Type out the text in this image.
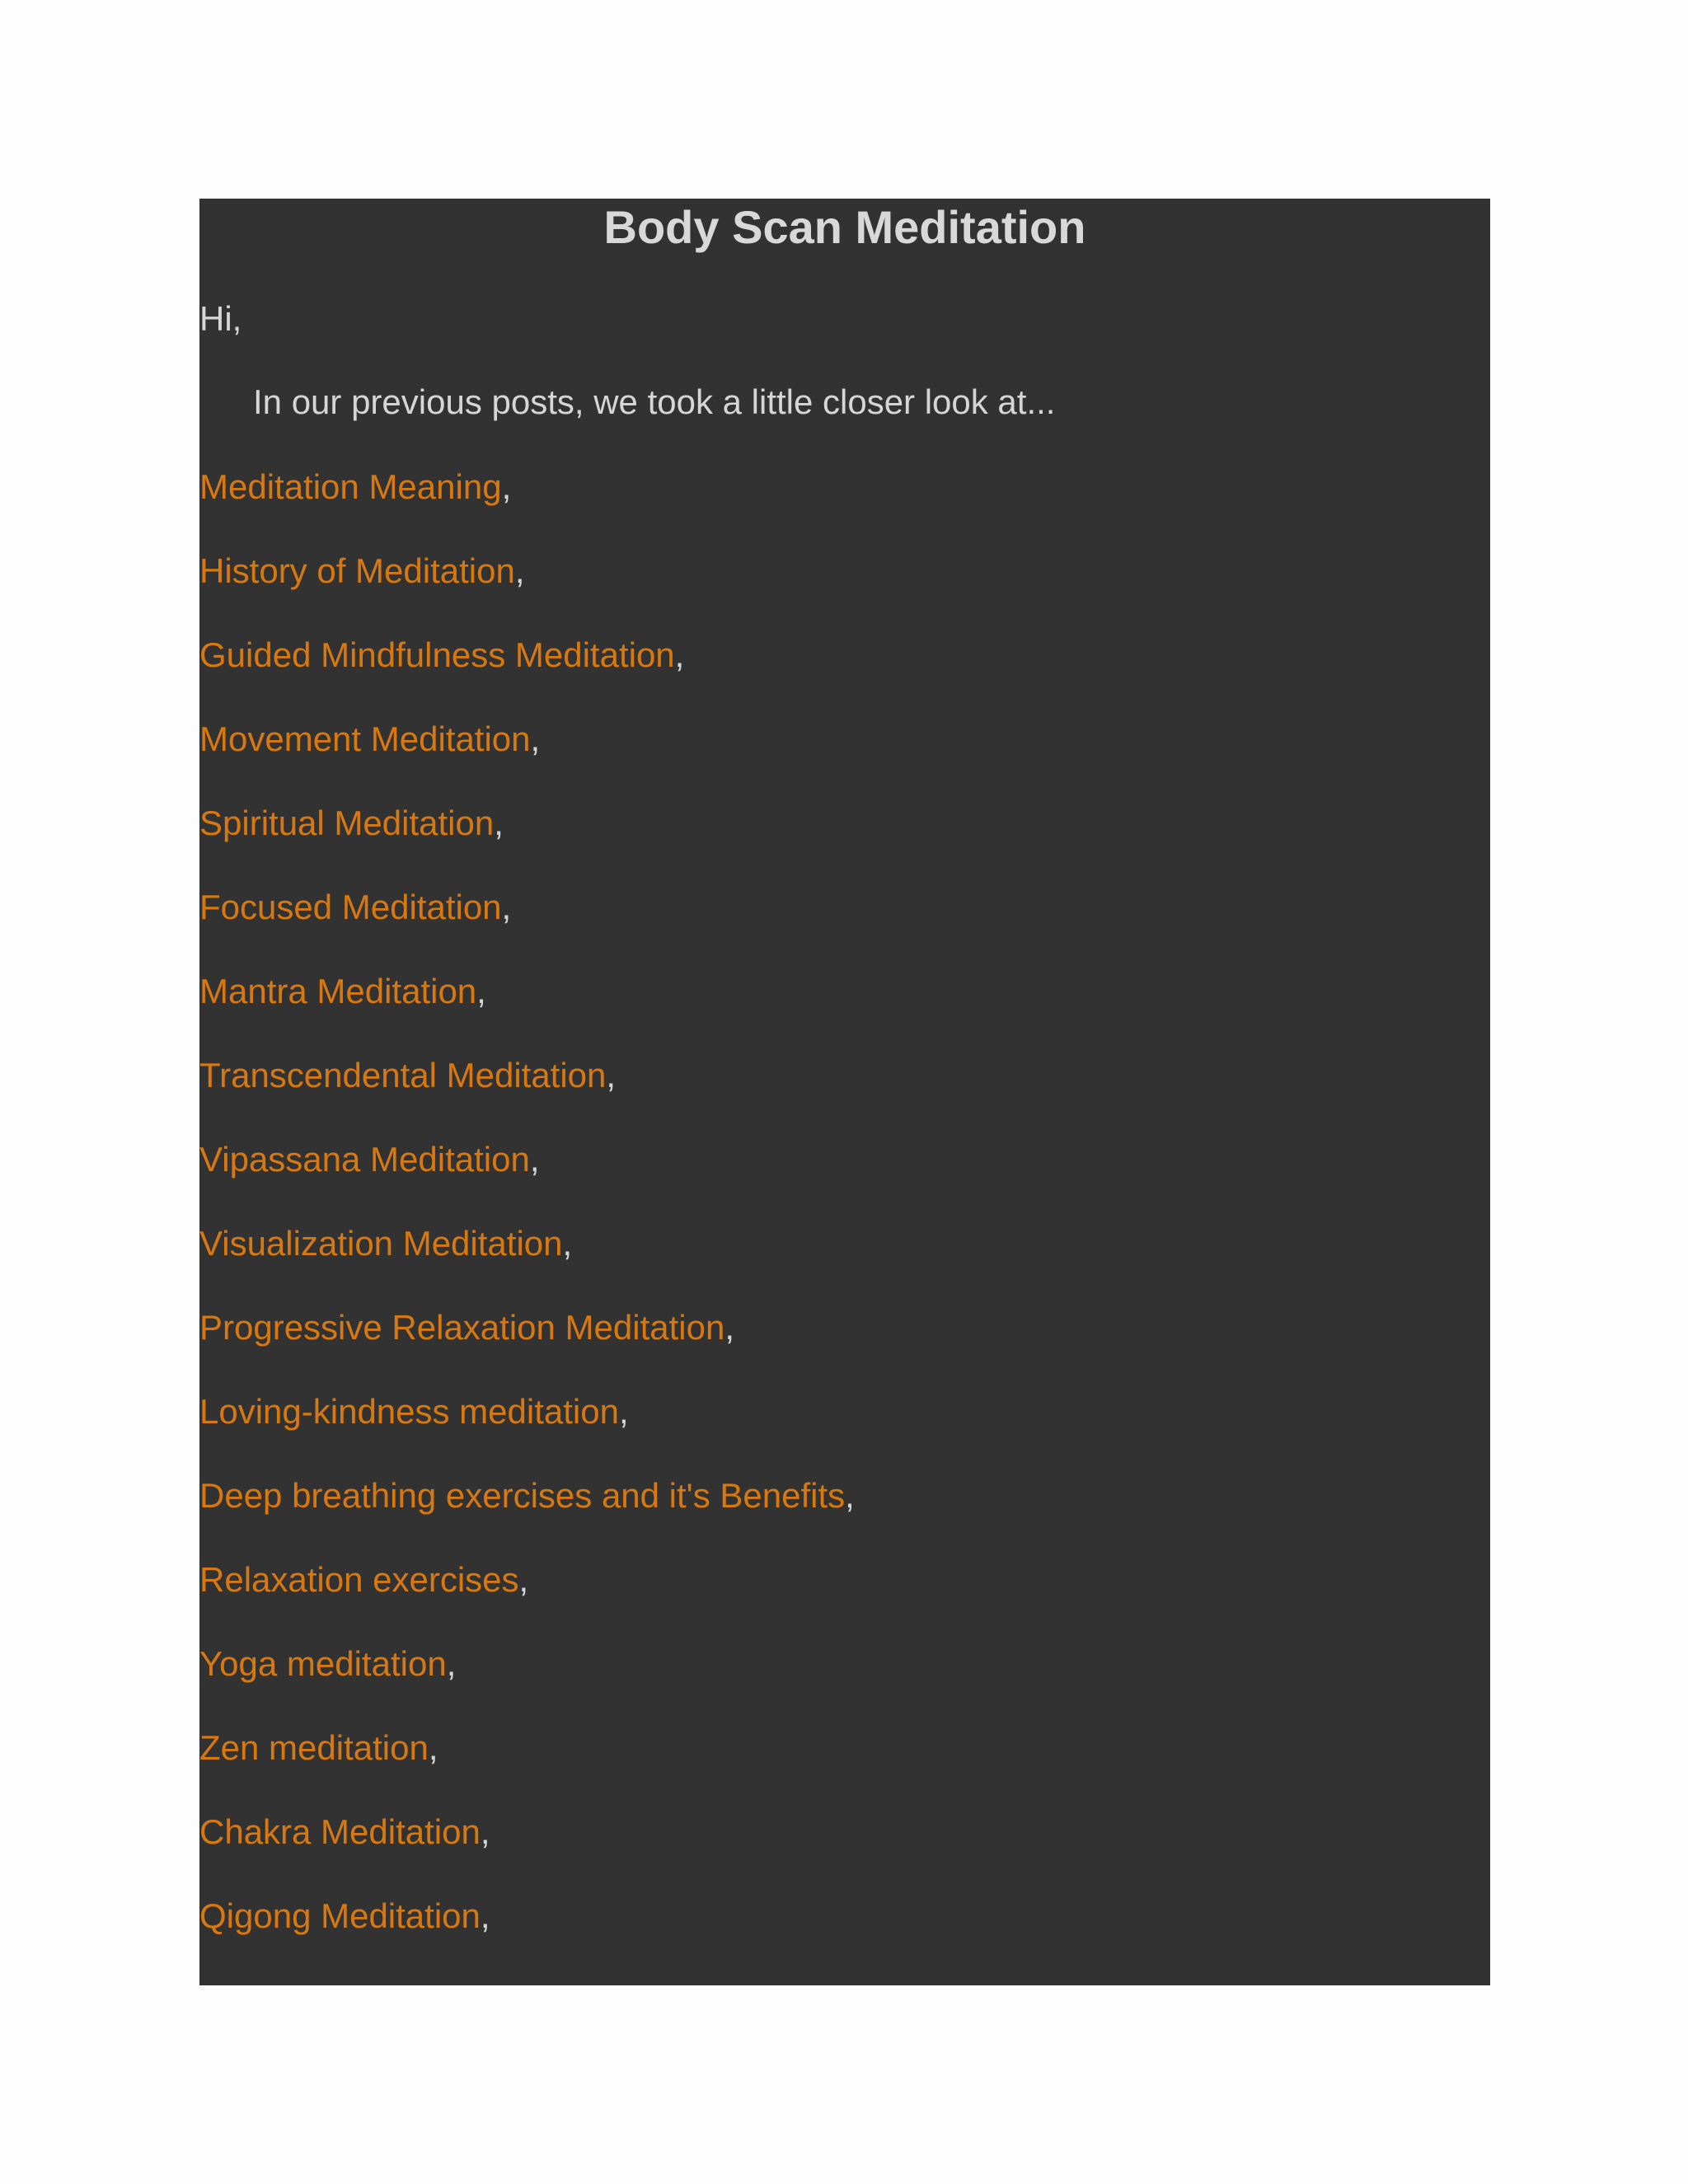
Body Scan Meditation

Hi,

In our previous posts, we took a little closer look at...

Meditation Meaning,
History of Meditation,
Guided Mindfulness Meditation,
Movement Meditation,
Spiritual Meditation,
Focused Meditation,
Mantra Meditation,
Transcendental Meditation,
Vipassana Meditation,
Visualization Meditation,
Progressive Relaxation Meditation,
Loving-kindness meditation,
Deep breathing exercises and it's Benefits,
Relaxation exercises,
Yoga meditation,
Zen meditation,
Chakra Meditation,
Qigong Meditation,
